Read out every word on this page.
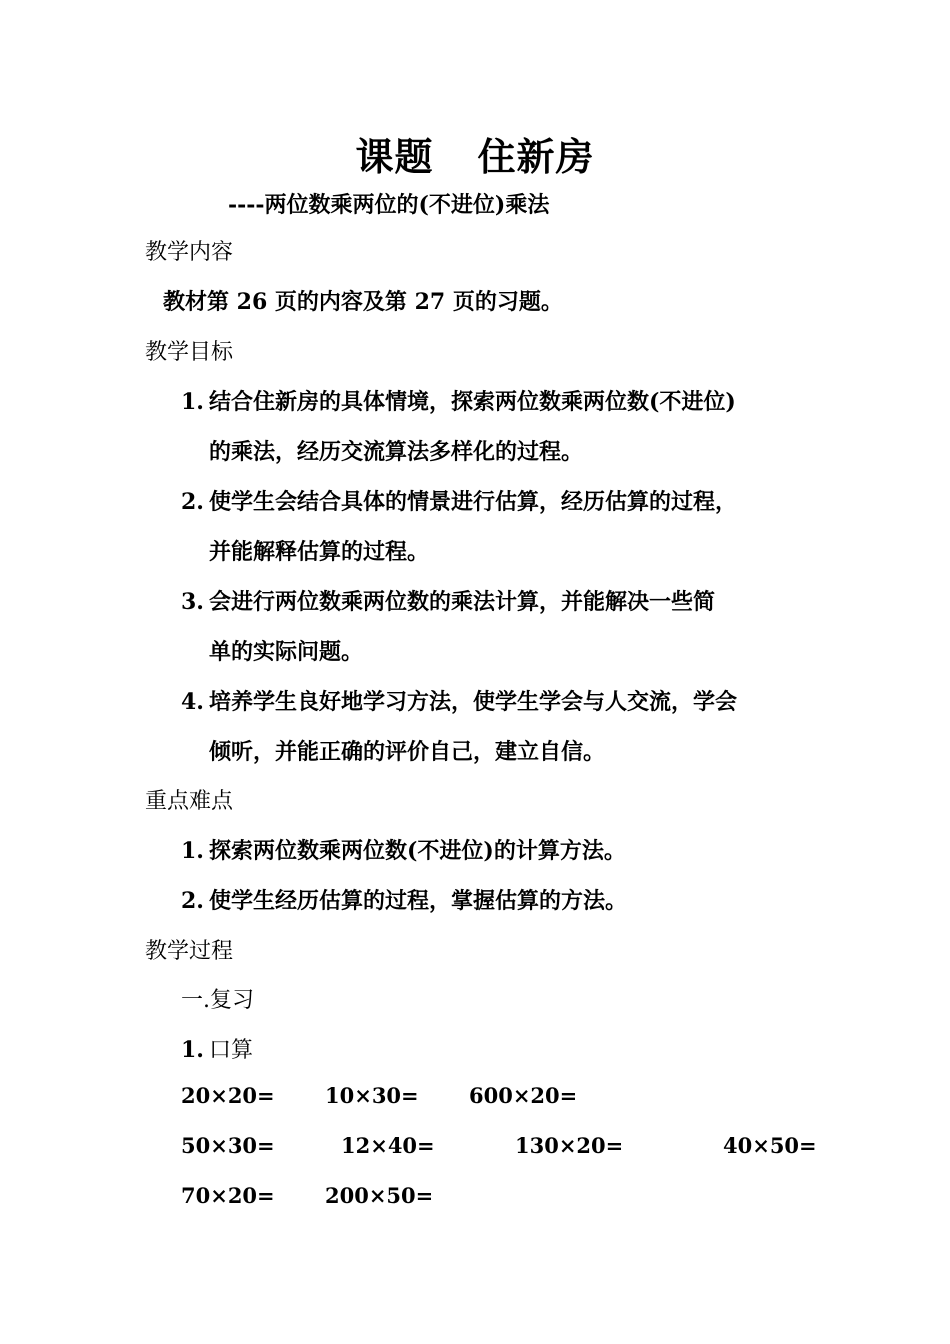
课题 住新房
----两位数乘两位的(不进位)乘法
教学内容
教材第 26 页的内容及第 27 页的习题。
教学目标
1. 结合住新房的具体情境，探索两位数乘两位数(不进位)
的乘法，经历交流算法多样化的过程。
2. 使学生会结合具体的情景进行估算，经历估算的过程，
并能解释估算的过程。
3. 会进行两位数乘两位数的乘法计算，并能解决一些简
单的实际问题。
4. 培养学生良好地学习方法，使学生学会与人交流，学会
倾听，并能正确的评价自己，建立自信。
重点难点
1. 探索两位数乘两位数(不进位)的计算方法。
2. 使学生经历估算的过程，掌握估算的方法。
教学过程
一.复习
1. 口算
20×20= 10×30= 600×20=
50×30=	12×40=	130×20=	40×50=
70×20= 200×50=
